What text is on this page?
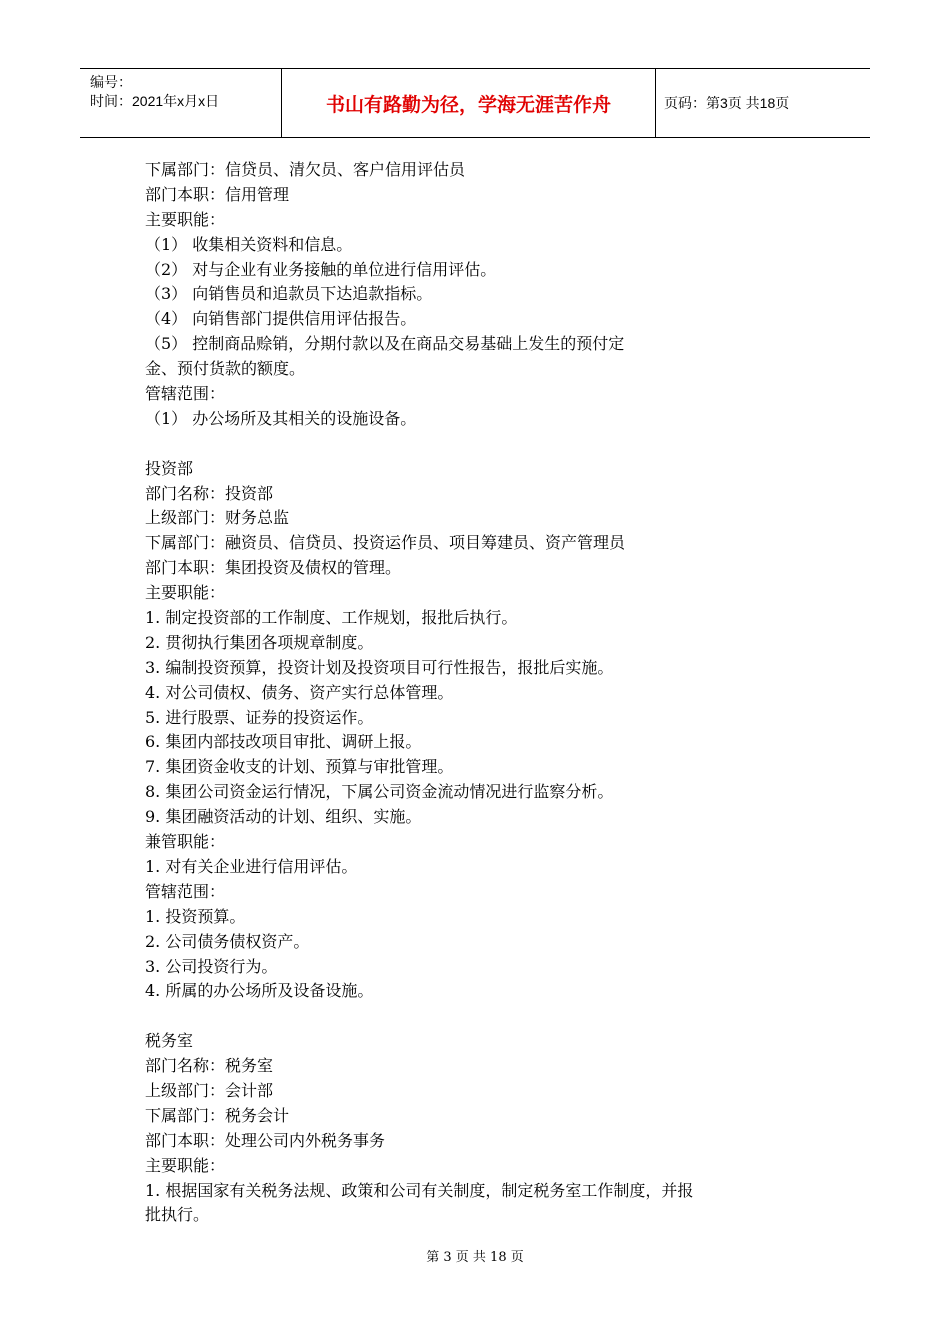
编号：
时间：2021年x月x日	书山有路勤为径，学海无涯苦作舟	页码：第3页 共18页
下属部门：信贷员、清欠员、客户信用评估员
部门本职：信用管理
主要职能：
（1） 收集相关资料和信息。
（2） 对与企业有业务接触的单位进行信用评估。
（3） 向销售员和追款员下达追款指标。
（4） 向销售部门提供信用评估报告。
（5） 控制商品赊销，分期付款以及在商品交易基础上发生的预付定
金、预付货款的额度。
管辖范围：
（1） 办公场所及其相关的设施设备。
投资部
部门名称：投资部
上级部门：财务总监
下属部门：融资员、信贷员、投资运作员、项目筹建员、资产管理员
部门本职：集团投资及债权的管理。
主要职能：
1. 制定投资部的工作制度、工作规划，报批后执行。
2. 贯彻执行集团各项规章制度。
3. 编制投资预算，投资计划及投资项目可行性报告，报批后实施。
4. 对公司债权、债务、资产实行总体管理。
5. 进行股票、证券的投资运作。
6. 集团内部技改项目审批、调研上报。
7. 集团资金收支的计划、预算与审批管理。
8. 集团公司资金运行情况，下属公司资金流动情况进行监察分析。
9. 集团融资活动的计划、组织、实施。
兼管职能：
1. 对有关企业进行信用评估。
管辖范围：
1. 投资预算。
2. 公司债务债权资产。
3. 公司投资行为。
4. 所属的办公场所及设备设施。
税务室
部门名称：税务室
上级部门：会计部
下属部门：税务会计
部门本职：处理公司内外税务事务
主要职能：
1. 根据国家有关税务法规、政策和公司有关制度，制定税务室工作制度，并报
批执行。
第 3 页 共 18 页
